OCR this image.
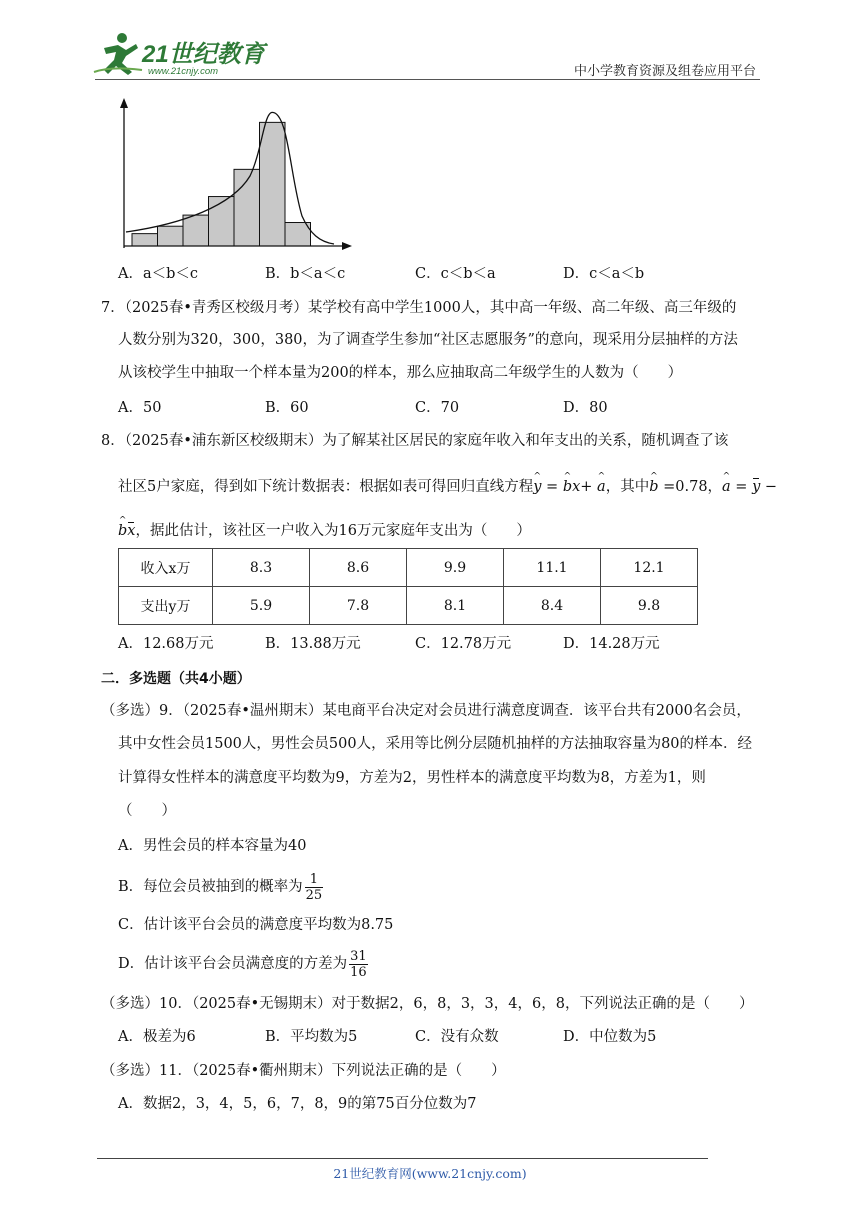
21世纪教育
www.21cnjy.com	中小学教育资源及组卷应用平台
A．a＜b＜c	B．b＜a＜c	C．c＜b＜a	D．c＜a＜b
7．（2025春•青秀区校级月考）某学校有高中学生1000人，其中高一年级、高二年级、高三年级的
人数分别为320，300，380，为了调查学生参加“社区志愿服务”的意向，现采用分层抽样的方法
从该校学生中抽取一个样本量为200的样本，那么应抽取高二年级学生的人数为（　　）
A．50	B．60	C．70	D．80
8．（2025春•浦东新区校级期末）为了解某社区居民的家庭年收入和年支出的关系，随机调查了该
社区5户家庭，得到如下统计数据表：根据如表可得回归直线方程^ y = ^ bx+ ^ a，其中^ b =0.78，^ a = y −
^ bx，据此估计，该社区一户收入为16万元家庭年支出为（　　）
收入x万	8.3	8.6	9.9	11.1	12.1
支出y万	5.9	7.8	8.1	8.4	9.8
A．12.68万元	B．13.88万元	C．12.78万元	D．14.28万元
二．多选题（共4小题）
（多选）9．（2025春•温州期末）某电商平台决定对会员进行满意度调查．该平台共有2000名会员，
其中女性会员1500人，男性会员500人，采用等比例分层随机抽样的方法抽取容量为80的样本．经
计算得女性样本的满意度平均数为9，方差为2，男性样本的满意度平均数为8，方差为1，则
（　　）
A．男性会员的样本容量为40
B．每位会员被抽到的概率为 $\frac{1}{25}$
C．估计该平台会员的满意度平均数为8.75
D．估计该平台会员满意度的方差为 $\frac{31}{16}$
（多选）10．（2025春•无锡期末）对于数据2，6，8，3，3，4，6，8，下列说法正确的是（　　）
A．极差为6	B．平均数为5	C．没有众数	D．中位数为5
（多选）11．（2025春•衢州期末）下列说法正确的是（　　）
A．数据2，3，4，5，6，7，8，9的第75百分位数为7
21世纪教育网(www.21cnjy.com)
